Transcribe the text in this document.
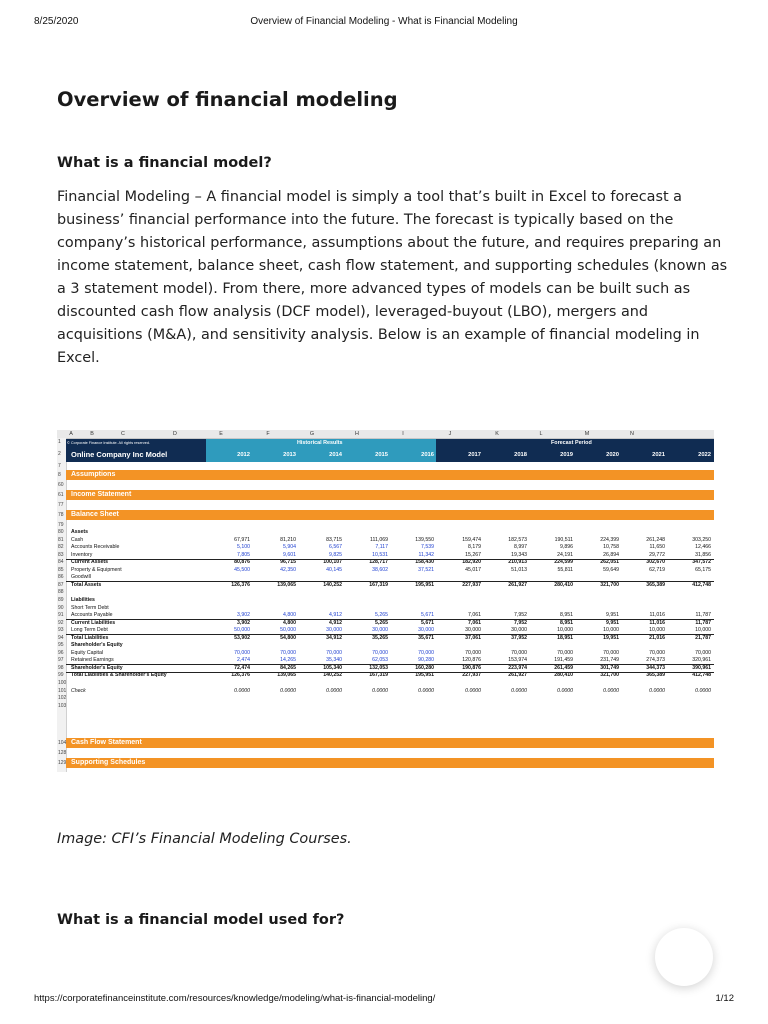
8/25/2020	Overview of Financial Modeling - What is Financial Modeling
Overview of financial modeling
What is a financial model?
Financial Modeling – A financial model is simply a tool that’s built in Excel to forecast a
business’ financial performance into the future. The forecast is typically based on the
company’s historical performance, assumptions about the future, and requires preparing an
income statement, balance sheet, cash flow statement, and supporting schedules (known as
a 3 statement model). From there, more advanced types of models can be built such as
discounted cash flow analysis (DCF model), leveraged-buyout (LBO), mergers and
acquisitions (M&A), and sensitivity analysis. Below is an example of financial modeling in
Excel.
A	B	C	D	E	F	G	H	I	J	K	L	M	N
© Corporate Finance Institute. All rights reserved.	Historical Results	Forecast Period
Online Company Inc Model	2012	2013	2014	2015	2016	2017	2018	2019	2020	2021	2022
1
2
7
8 Assumptions
60
61 Income Statement
77
78 Balance Sheet
79
80 Assets
81 Cash	67,971	81,210	83,715	111,069	139,550	159,474	182,573	190,511	224,399	261,248	303,250
82 Accounts Receivable	5,100	5,904	6,567	7,117	7,539	8,179	8,997	9,896	10,758	11,650	12,466
83 Inventory	7,805	9,601	9,825	10,531	11,342	15,267	19,343	24,191	26,894	29,772	31,856
84 Current Assets	80,876	96,715	100,107	128,717	158,430	182,920	210,913	224,599	262,051	302,670	347,572
85 Property & Equipment	45,500	42,350	40,145	38,602	37,521	45,017	51,013	55,811	59,649	62,719	65,175
86 Goodwill
87 Total Assets	126,376	139,065	140,252	167,319	195,951	227,937	261,927	280,410	321,700	365,389	412,748
88
89 Liabilities
90 Short Term Debt
91 Accounts Payable	3,902	4,800	4,912	5,265	5,671	7,061	7,952	8,951	9,951	11,016	11,787
92 Current Liabilities	3,902	4,800	4,912	5,265	5,671	7,061	7,952	8,951	9,951	11,016	11,787
93 Long Term Debt	50,000	50,000	30,000	30,000	30,000	30,000	30,000	10,000	10,000	10,000	10,000
94 Total Liabilities	53,902	54,800	34,912	35,265	35,671	37,061	37,952	18,951	19,951	21,016	21,787
95 Shareholder's Equity
96 Equity Capital	70,000	70,000	70,000	70,000	70,000	70,000	70,000	70,000	70,000	70,000	70,000
97 Retained Earnings	2,474	14,265	35,340	62,053	90,280	120,876	153,974	191,459	231,749	274,373	320,961
98 Shareholder's Equity	72,474	84,265	105,340	132,053	160,280	190,876	223,974	261,459	301,749	344,373	390,961
99 Total Liabilities & Shareholder's Equity	126,376	139,065	140,252	167,319	195,951	227,937	261,927	280,410	321,700	365,389	412,748
100
101 Check	0.0000	0.0000	0.0000	0.0000	0.0000	0.0000	0.0000	0.0000	0.0000	0.0000	0.0000
102
103
104 Cash Flow Statement
128
129 Supporting Schedules
Image: CFI’s Financial Modeling Courses.
What is a financial model used for?
https://corporatefinanceinstitute.com/resources/knowledge/modeling/what-is-financial-modeling/	1/12
